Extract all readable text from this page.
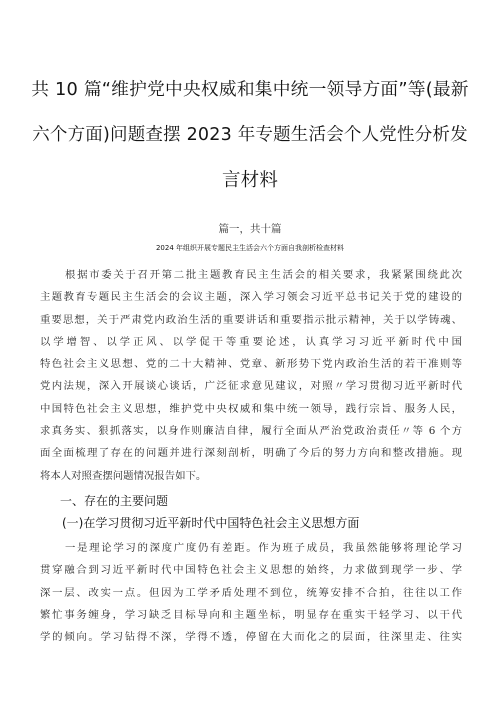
共 10 篇“维护党中央权威和集中统一领导方面”等(最新
六个方面)问题查摆 2023 年专题生活会个人党性分析发
言材料
篇一，共十篇
2024 年组织开展专题民主生活会六个方面自我剖析检查材料
根据市委关于召开第二批主题教育民主生活会的相关要求，我紧紧围绕此次
主题教育专题民主生活会的会议主题，深入学习领会习近平总书记关于党的建设的
重要思想，关于严肃党内政治生活的重要讲话和重要指示批示精神，关于以学铸魂、
以学增智、以学正风、以学促干等重要论述，认真学习习近平新时代中国
特色社会主义思想、党的二十大精神、党章、新形势下党内政治生活的若干准则等
党内法规，深入开展谈心谈话，广泛征求意见建议，对照〃学习贯彻习近平新时代
中国特色社会主义思想，维护党中央权威和集中统一领导，践行宗旨、服务人民，
求真务实、狠抓落实，以身作则廉洁自律，履行全面从严治党政治责任〃等 6 个方
面全面梳理了存在的问题并进行深刻剖析，明确了今后的努力方向和整改措施。现
将本人对照查摆问题情况报告如下。
一、存在的主要问题
(一)在学习贯彻习近平新时代中国特色社会主义思想方面
一是理论学习的深度广度仍有差距。作为班子成员，我虽然能够将理论学习
贯穿融合到习近平新时代中国特色社会主义思想的始终，力求做到现学一步、学
深一层、改实一点。但因为工学矛盾处理不到位，统筹安排不合拍，往往以工作
繁忙事务缠身，学习缺乏目标导向和主题坐标，明显存在重实干轻学习、以干代
学的倾向。学习钻得不深，学得不透，停留在大而化之的层面，往深里走、往实
